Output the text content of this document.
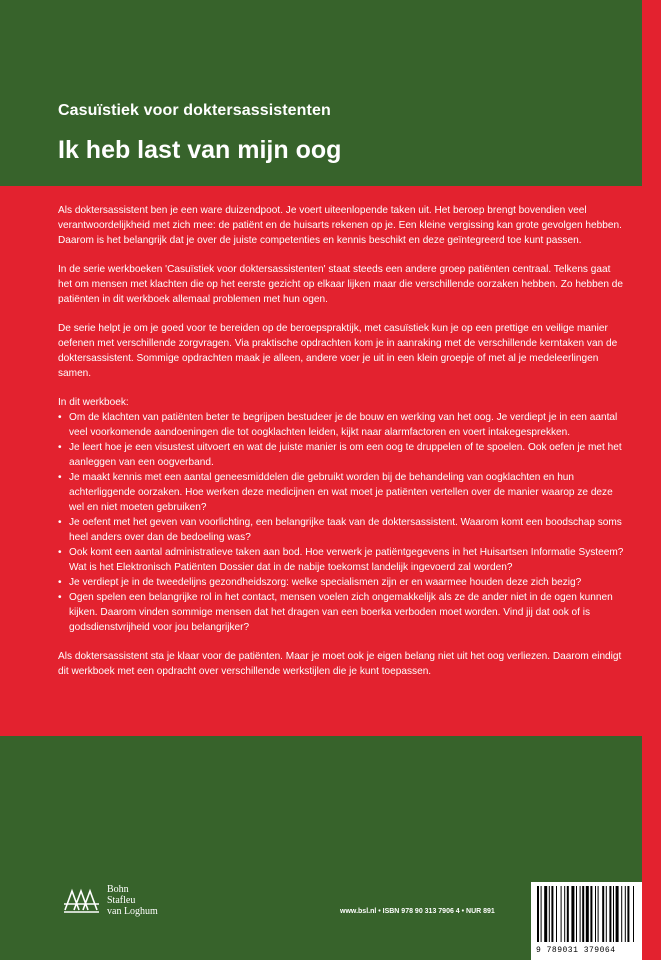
Casuïstiek voor doktersassistenten
Ik heb last van mijn oog

Als doktersassistent ben je een ware duizendpoot. Je voert uiteenlopende taken uit. Het beroep brengt bovendien veel verantwoordelijkheid met zich mee: de patiënt en de huisarts rekenen op je. Een kleine vergissing kan grote gevolgen hebben. Daarom is het belangrijk dat je over de juiste competenties en kennis beschikt en deze geïntegreerd toe kunt passen.

In de serie werkboeken 'Casuïstiek voor doktersassistenten' staat steeds een andere groep patiënten centraal. Telkens gaat het om mensen met klachten die op het eerste gezicht op elkaar lijken maar die verschillende oorzaken hebben. Zo hebben de patiënten in dit werkboek allemaal problemen met hun ogen.

De serie helpt je om je goed voor te bereiden op de beroepspraktijk, met casuïstiek kun je op een prettige en veilige manier oefenen met verschillende zorgvragen. Via praktische opdrachten kom je in aanraking met de verschillende kerntaken van de doktersassistent. Sommige opdrachten maak je alleen, andere voer je uit in een klein groepje of met al je medeleerlingen samen.

In dit werkboek:

• Om de klachten van patiënten beter te begrijpen bestudeer je de bouw en werking van het oog. Je verdiept je in een aantal veel voorkomende aandoeningen die tot oogklachten leiden, kijkt naar alarmfactoren en voert intakegesprekken.
• Je leert hoe je een visustest uitvoert en wat de juiste manier is om een oog te druppelen of te spoelen. Ook oefen je met het aanleggen van een oogverband.
• Je maakt kennis met een aantal geneesmiddelen die gebruikt worden bij de behandeling van oogklachten en hun achterliggende oorzaken. Hoe werken deze medicijnen en wat moet je patiënten vertellen over de manier waarop ze deze wel en niet moeten gebruiken?
• Je oefent met het geven van voorlichting, een belangrijke taak van de doktersassistent. Waarom komt een boodschap soms heel anders over dan de bedoeling was?
• Ook komt een aantal administratieve taken aan bod. Hoe verwerk je patiëntgegevens in het Huisartsen Informatie Systeem? Wat is het Elektronisch Patiënten Dossier dat in de nabije toekomst landelijk ingevoerd zal worden?
• Je verdiept je in de tweedelijns gezondheidszorg: welke specialismen zijn er en waarmee houden deze zich bezig?
• Ogen spelen een belangrijke rol in het contact, mensen voelen zich ongemakkelijk als ze de ander niet in de ogen kunnen kijken. Daarom vinden sommige mensen dat het dragen van een boerka verboden moet worden. Vind jij dat ook of is godsdienstvrijheid voor jou belangrijker?

Als doktersassistent sta je klaar voor de patiënten. Maar je moet ook je eigen belang niet uit het oog verliezen. Daarom eindigt dit werkboek met een opdracht over verschillende werkstijlen die je kunt toepassen.

Bohn
Stafleu
van Loghum	www.bsl.nl • ISBN 978 90 313 7906 4 • NUR 891
9 789031 379064
